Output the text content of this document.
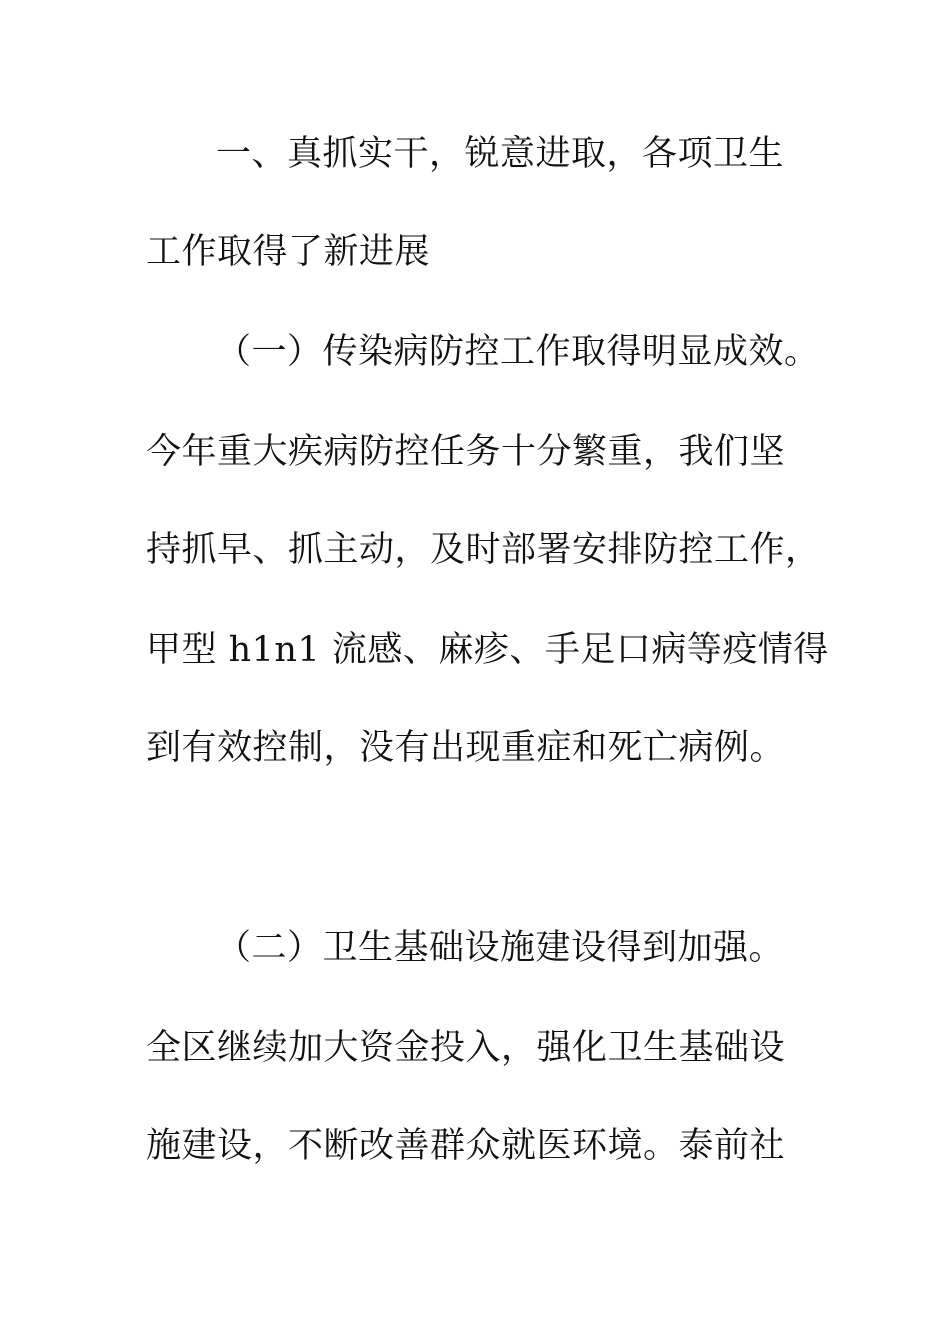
一、真抓实干，锐意进取，各项卫生
工作取得了新进展
（一）传染病防控工作取得明显成效。
今年重大疾病防控任务十分繁重，我们坚
持抓早、抓主动，及时部署安排防控工作，
甲型 h1n1 流感、麻疹、手足口病等疫情得
到有效控制，没有出现重症和死亡病例。
（二）卫生基础设施建设得到加强。
全区继续加大资金投入，强化卫生基础设
施建设，不断改善群众就医环境。泰前社
